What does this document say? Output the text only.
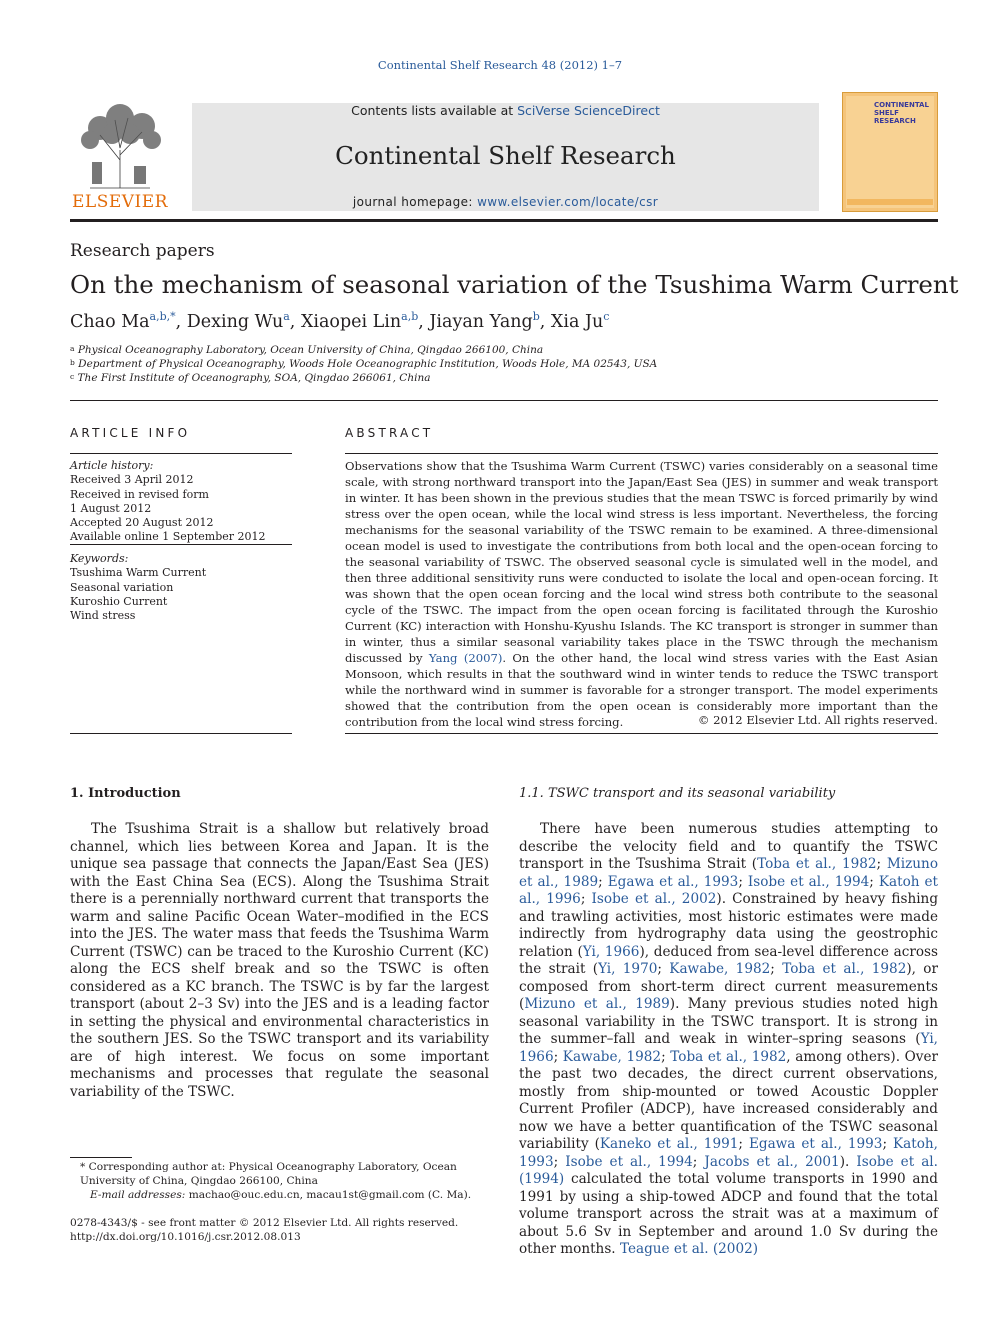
Continental Shelf Research 48 (2012) 1–7
ELSEVIER
Contents lists available at SciVerse ScienceDirect
Continental Shelf Research
journal homepage: www.elsevier.com/locate/csr
CONTINENTAL SHELF RESEARCH
Research papers
On the mechanism of seasonal variation of the Tsushima Warm Current
Chao $Ma^{a,b,*}$, Dexing Wu$^a$, Xiaopei Lin$^{a,b}$, Jiayan Yang$^b$, Xia Ju$^c$
$^a$ Physical Oceanography Laboratory, Ocean University of China, Qingdao 266100, China
$^b$ Department of Physical Oceanography, Woods Hole Oceanographic Institution, Woods Hole, MA 02543, USA
$^c$ The First Institute of Oceanography, SOA, Qingdao 266061, China
ARTICLE INFO
Article history:
Received 3 April 2012
Received in revised form
1 August 2012
Accepted 20 August 2012
Available online 1 September 2012
Keywords:
Tsushima Warm Current
Seasonal variation
Kuroshio Current
Wind stress
ABSTRACT
Observations show that the Tsushima Warm Current (TSWC) varies considerably on a seasonal time scale, with strong northward transport into the Japan/East Sea (JES) in summer and weak transport in winter. It has been shown in the previous studies that the mean TSWC is forced primarily by wind stress over the open ocean, while the local wind stress is less important. Nevertheless, the forcing mechanisms for the seasonal variability of the TSWC remain to be examined. A three-dimensional ocean model is used to investigate the contributions from both local and the open-ocean forcing to the seasonal variability of TSWC. The observed seasonal cycle is simulated well in the model, and then three additional sensitivity runs were conducted to isolate the local and open-ocean forcing. It was shown that the open ocean forcing and the local wind stress both contribute to the seasonal cycle of the TSWC. The impact from the open ocean forcing is facilitated through the Kuroshio Current (KC) interaction with Honshu-Kyushu Islands. The KC transport is stronger in summer than in winter, thus a similar seasonal variability takes place in the TSWC through the mechanism discussed by Yang (2007). On the other hand, the local wind stress varies with the East Asian Monsoon, which results in that the southward wind in winter tends to reduce the TSWC transport while the northward wind in summer is favorable for a stronger transport. The model experiments showed that the contribution from the open ocean is considerably more important than the contribution from the local wind stress forcing.	© 2012 Elsevier Ltd. All rights reserved.
1. Introduction
The Tsushima Strait is a shallow but relatively broad channel, which lies between Korea and Japan. It is the unique sea passage that connects the Japan/East Sea (JES) with the East China Sea (ECS). Along the Tsushima Strait there is a perennially northward current that transports the warm and saline Pacific Ocean Water–modified in the ECS into the JES. The water mass that feeds the Tsushima Warm Current (TSWC) can be traced to the Kuroshio Current (KC) along the ECS shelf break and so the TSWC is often considered as a KC branch. The TSWC is by far the largest transport (about 2–3 Sv) into the JES and is a leading factor in setting the physical and environmental characteristics in the southern JES. So the TSWC transport and its variability are of high interest. We focus on some important mechanisms and processes that regulate the seasonal variability of the TSWC.
1.1. TSWC transport and its seasonal variability
There have been numerous studies attempting to describe the velocity field and to quantify the TSWC transport in the Tsushima Strait (Toba et al., 1982; Mizuno et al., 1989; Egawa et al., 1993; Isobe et al., 1994; Katoh et al., 1996; Isobe et al., 2002). Constrained by heavy fishing and trawling activities, most historic estimates were made indirectly from hydrography data using the geostrophic relation (Yi, 1966), deduced from sea-level difference across the strait (Yi, 1970; Kawabe, 1982; Toba et al., 1982), or composed from short-term direct current measurements (Mizuno et al., 1989). Many previous studies noted high seasonal variability in the TSWC transport. It is strong in the summer–fall and weak in winter–spring seasons (Yi, 1966; Kawabe, 1982; Toba et al., 1982, among others). Over the past two decades, the direct current observations, mostly from ship-mounted or towed Acoustic Doppler Current Profiler (ADCP), have increased considerably and now we have a better quantification of the TSWC seasonal variability (Kaneko et al., 1991; Egawa et al., 1993; Katoh, 1993; Isobe et al., 1994; Jacobs et al., 2001). Isobe et al. (1994) calculated the total volume transports in 1990 and 1991 by using a ship-towed ADCP and found that the total volume transport across the strait was at a maximum of about 5.6 Sv in September and around 1.0 Sv during the other months. Teague et al. (2002)
* Corresponding author at: Physical Oceanography Laboratory, Ocean University of China, Qingdao 266100, China
E-mail addresses: machao@ouc.edu.cn, macau1st@gmail.com (C. Ma).
0278-4343/$ - see front matter © 2012 Elsevier Ltd. All rights reserved.
http://dx.doi.org/10.1016/j.csr.2012.08.013
